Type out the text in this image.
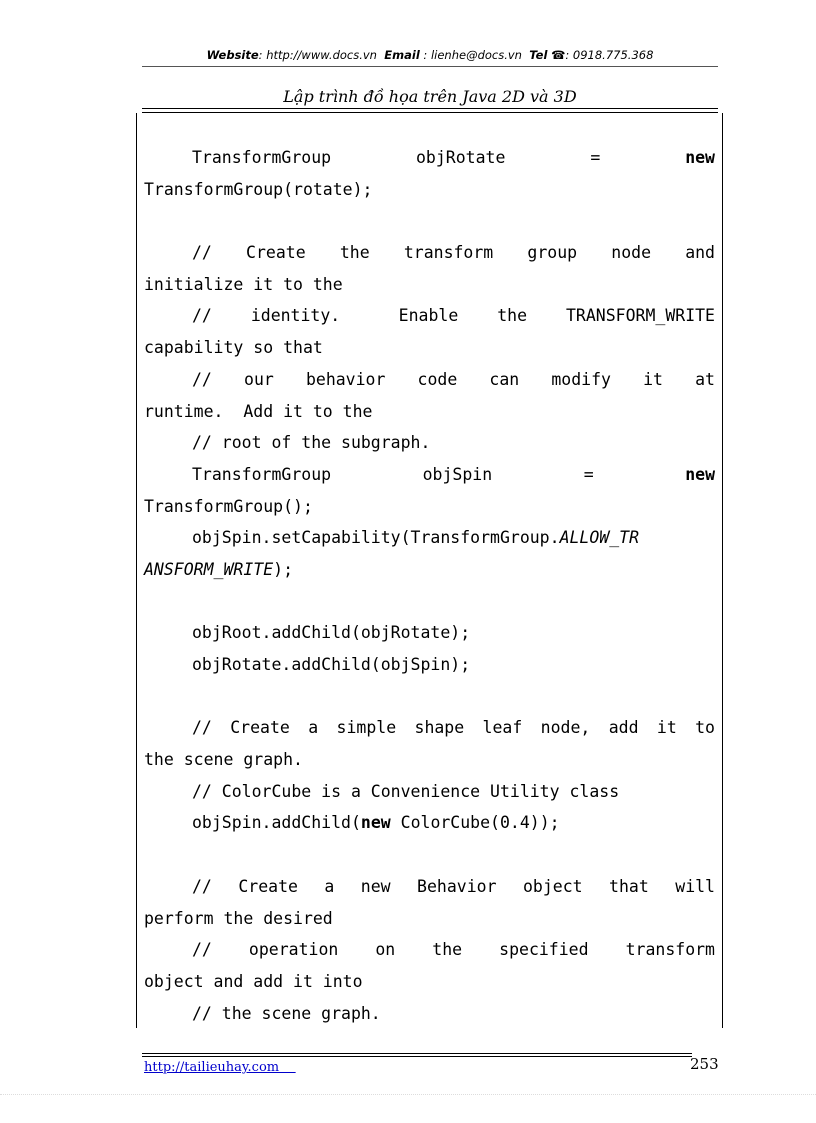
Website: http://www.docs.vn Email : lienhe@docs.vn Tel ☎: 0918.775.368
Lập trình đồ họa trên Java 2D và 3D
TransformGroup	objRotate	=	new
TransformGroup(rotate);
//  Create  the  transform  group  node  and
initialize it to the
//  identity.   Enable  the  TRANSFORM_WRITE
capability so that
//  our  behavior  code  can  modify  it  at
runtime.  Add it to the
// root of the subgraph.
TransformGroup	objSpin	=	new
TransformGroup();
objSpin.setCapability(TransformGroup.ALLOW_TR
ANSFORM_WRITE);
objRoot.addChild(objRotate);
objRotate.addChild(objSpin);
// Create a simple shape leaf node, add it to
the scene graph.
// ColorCube is a Convenience Utility class
objSpin.addChild(new ColorCube(0.4));
//  Create  a  new  Behavior  object  that  will
perform the desired
//  operation  on  the  specified  transform
object and add it into
// the scene graph.
http://tailieuhay.com	253
